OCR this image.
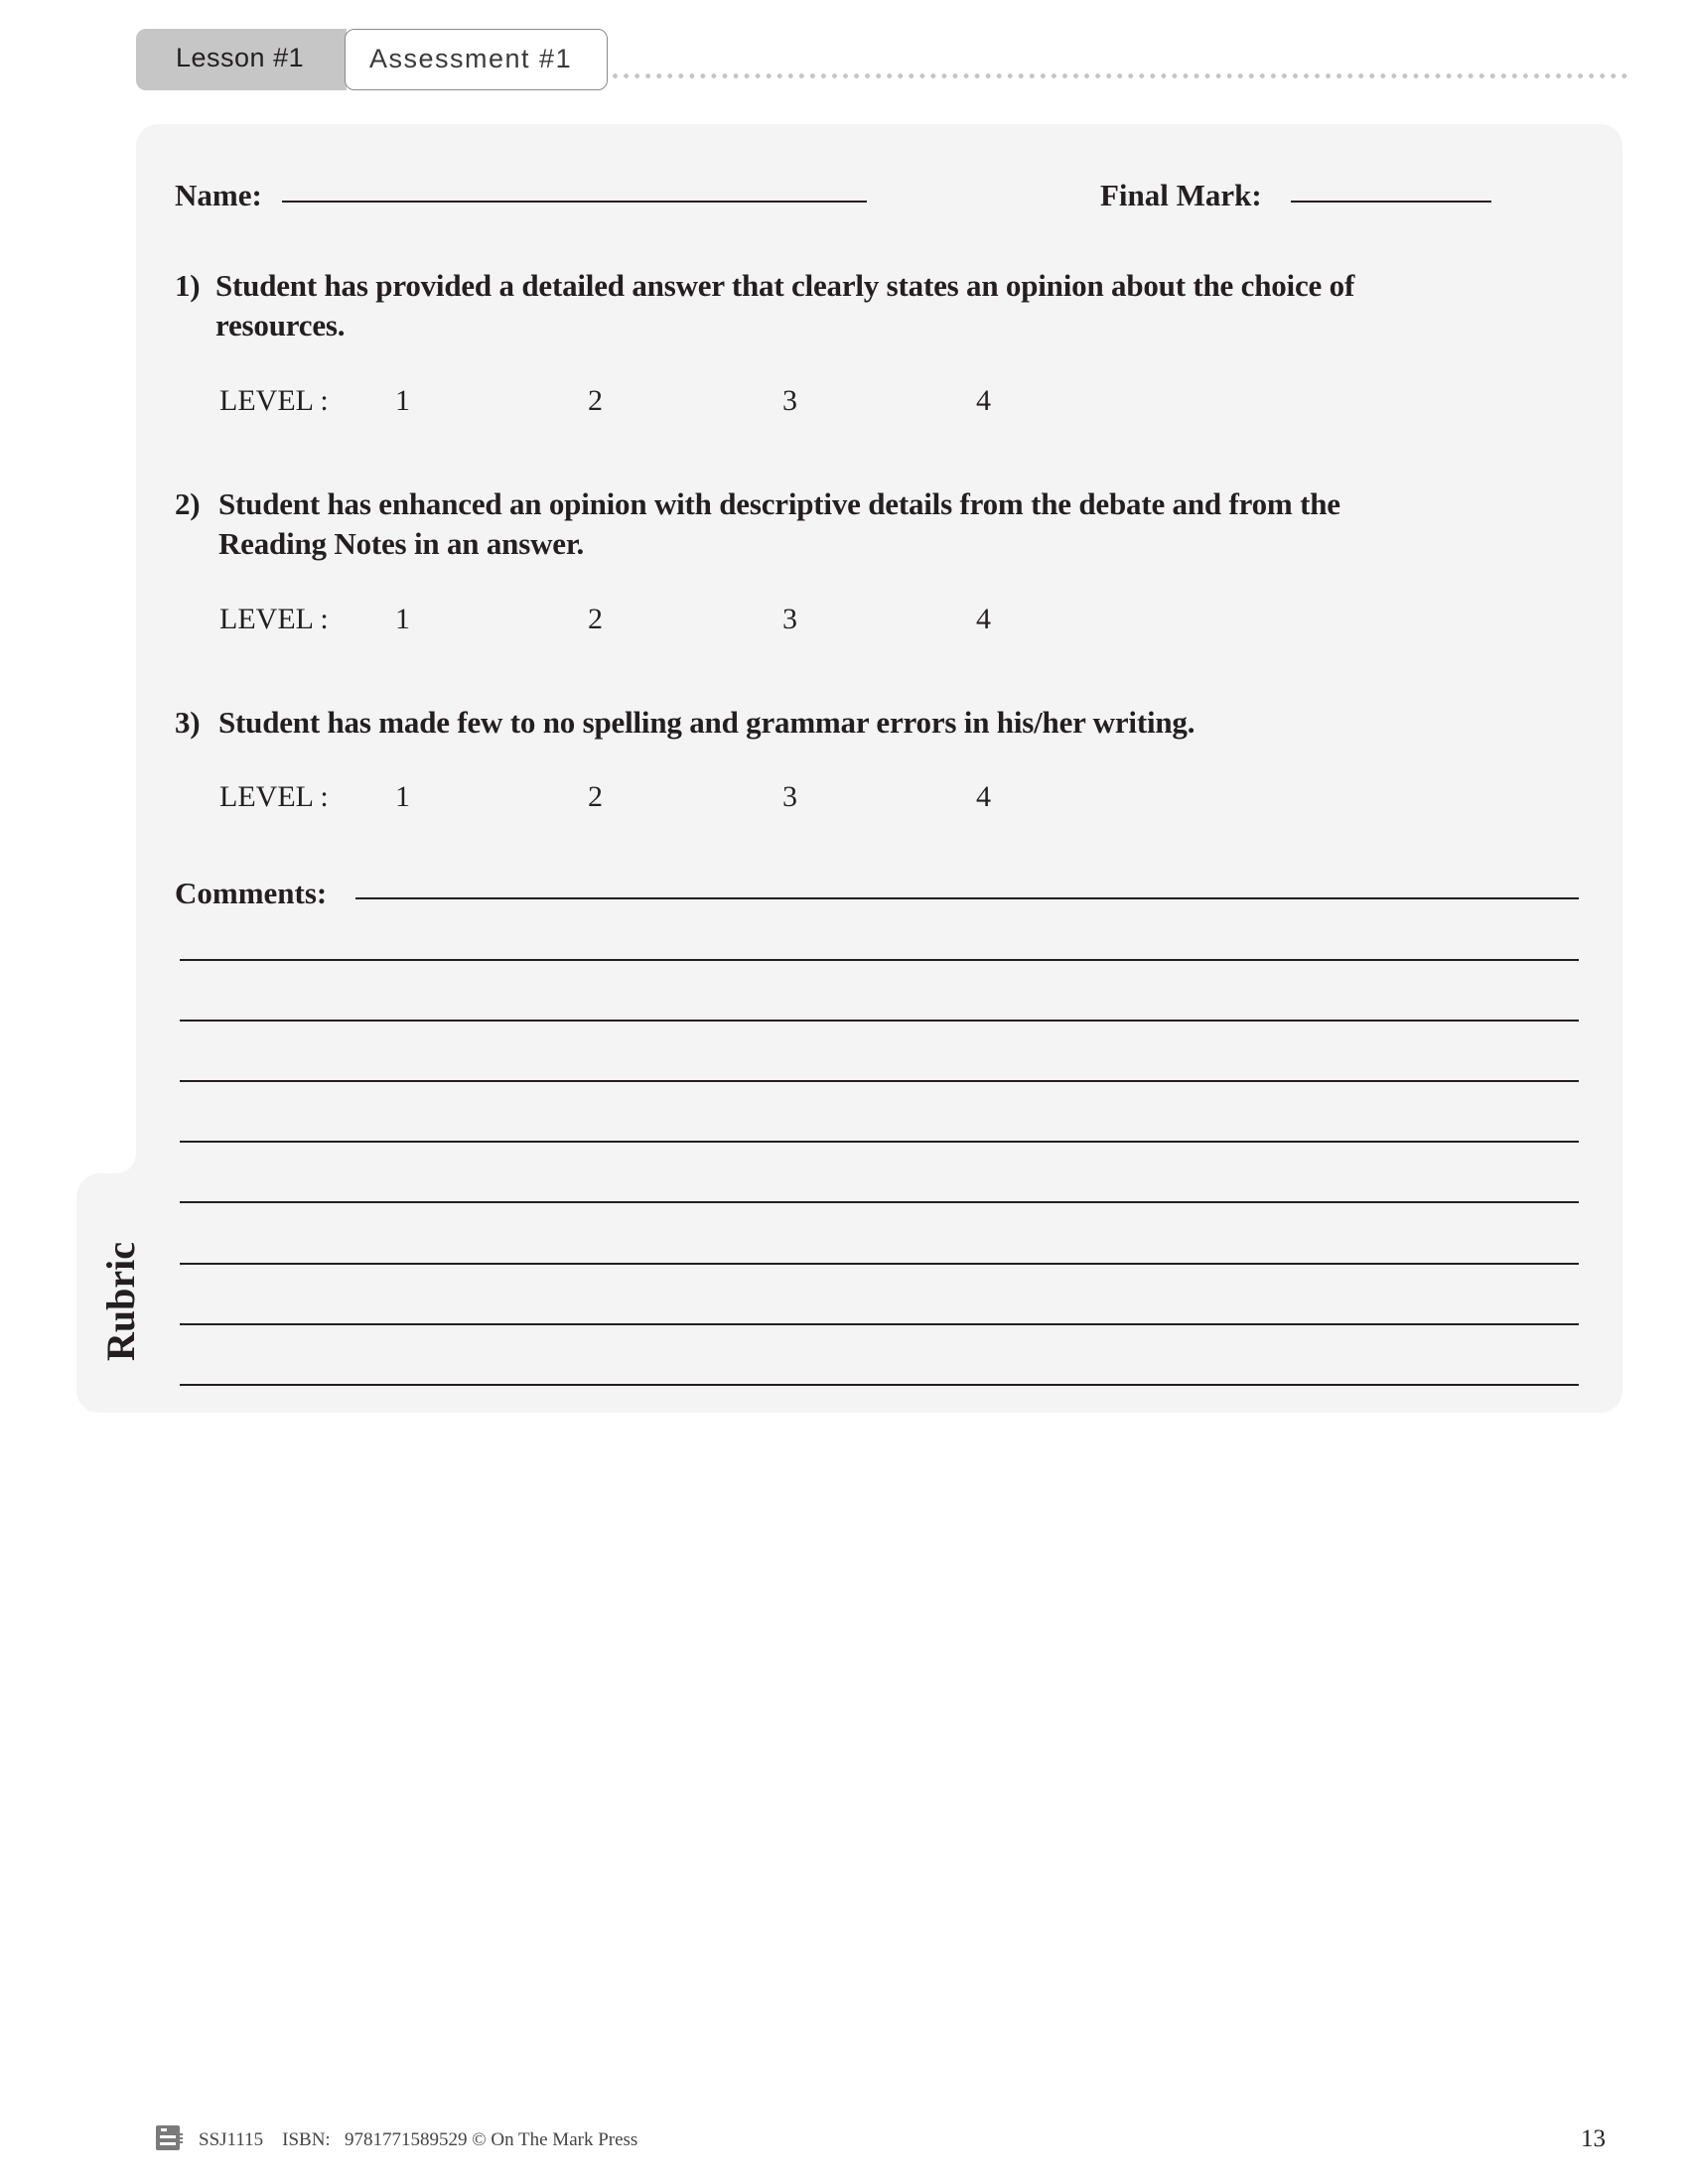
Lesson #1 Assessment #1
Rubric
Name:	Final Mark:
1) Student has provided a detailed answer that clearly states an opinion about the choice of
resources.
LEVEL : 1	2	3	4
2) Student has enhanced an opinion with descriptive details from the debate and from the
Reading Notes in an answer.
LEVEL : 1	2	3	4
3) Student has made few to no spelling and grammar errors in his/her writing.
LEVEL : 1	2	3	4
Comments:
SSJ1115 ISBN: 9781771589529 © On The Mark Press	13
